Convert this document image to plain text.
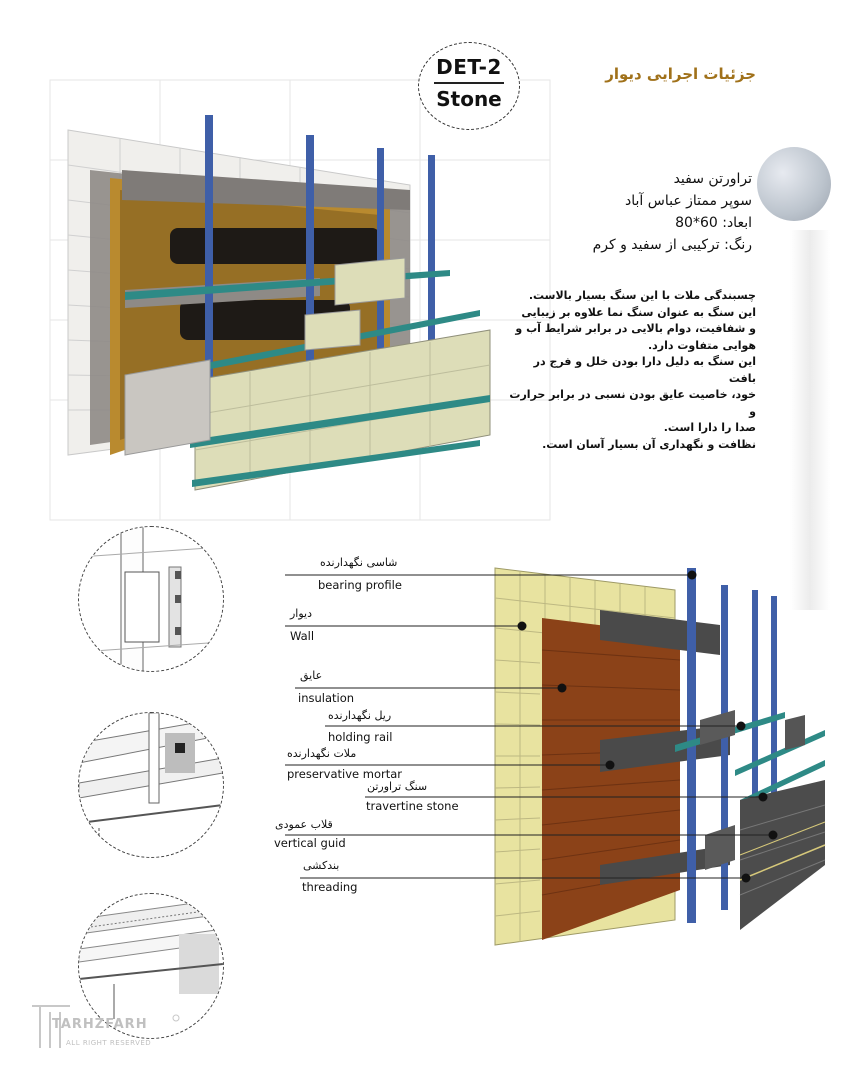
DET-2
Stone
جزئیات اجرایی دیوار
تراورتن سفید
سوپر ممتاز عباس آباد
ابعاد: 60*80
رنگ: ترکیبی از سفید و کرم
چسبندگی ملات با این سنگ بسیار بالاست.
این سنگ به عنوان سنگ نما علاوه بر زیبایی
و شفافیت، دوام بالایی در برابر شرایط آب و
هوایی متفاوت دارد.
این سنگ به دلیل دارا بودن خلل و فرج در بافت
خود، خاصیت عایق بودن نسبی در برابر حرارت و
صدا را دارا است.
نظافت و نگهداری آن بسیار آسان است.
شاسی نگهدارنده
bearing profile
دیوار
Wall
عایق
insulation
ریل نگهدارنده
holding rail
ملات نگهدارنده
preservative mortar
سنگ تراورتن
travertine stone
قلاب عمودی
vertical guid
بندکشی
threading
TARHZFARH
ALL RIGHT RESERVED
